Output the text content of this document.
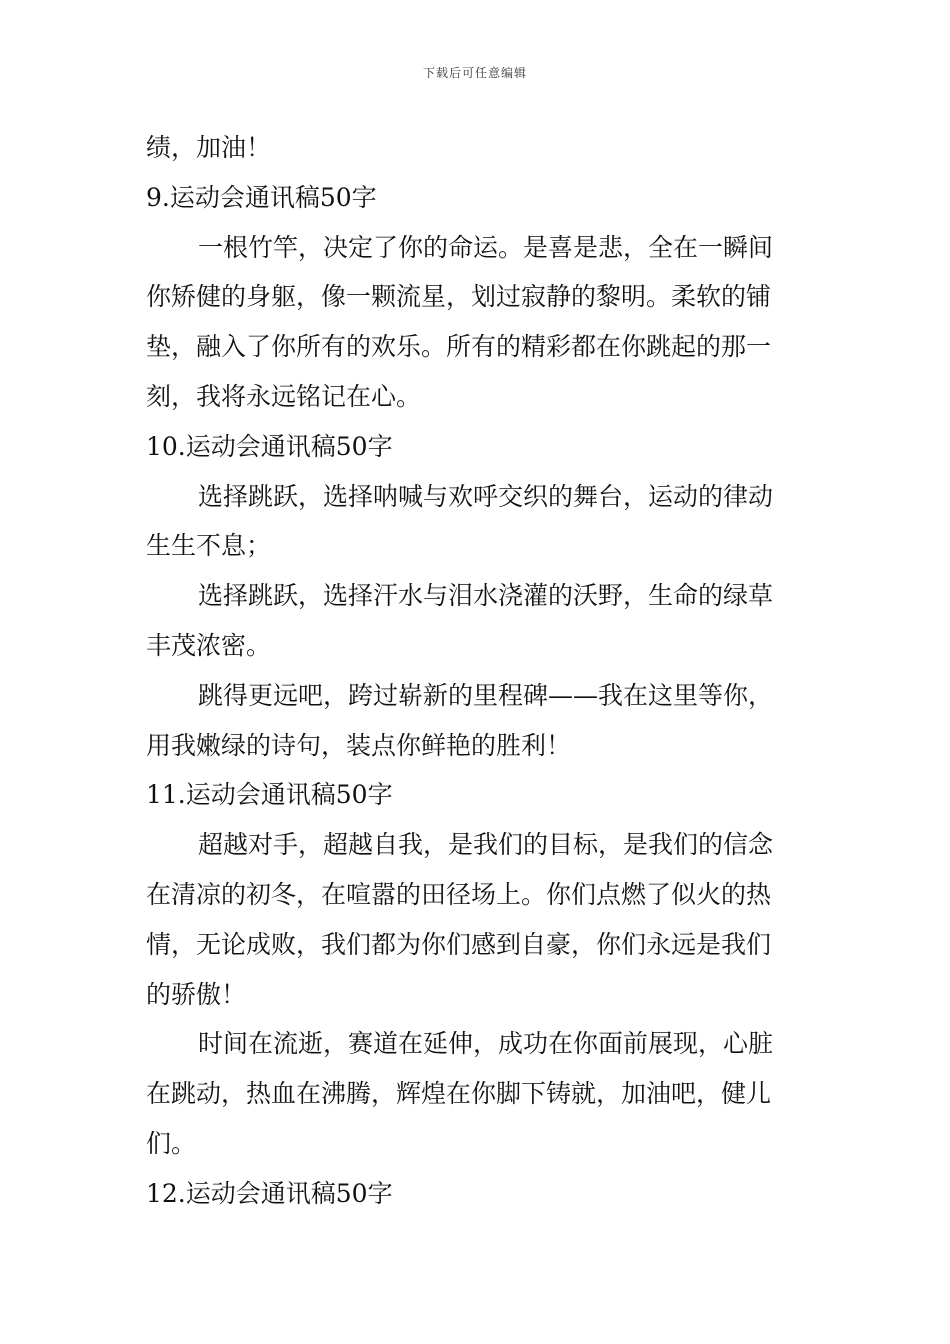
下载后可任意编辑
绩，加油！
9.运动会通讯稿50字
一根竹竿，决定了你的命运。是喜是悲，全在一瞬间
你矫健的身躯，像一颗流星，划过寂静的黎明。柔软的铺
垫，融入了你所有的欢乐。所有的精彩都在你跳起的那一
刻，我将永远铭记在心。
10.运动会通讯稿50字
选择跳跃，选择呐喊与欢呼交织的舞台，运动的律动
生生不息；
选择跳跃，选择汗水与泪水浇灌的沃野，生命的绿草
丰茂浓密。
跳得更远吧，跨过崭新的里程碑——我在这里等你，
用我嫩绿的诗句，装点你鲜艳的胜利！
11.运动会通讯稿50字
超越对手，超越自我，是我们的目标，是我们的信念
在清凉的初冬，在喧嚣的田径场上。你们点燃了似火的热
情，无论成败，我们都为你们感到自豪，你们永远是我们
的骄傲！
时间在流逝，赛道在延伸，成功在你面前展现，心脏
在跳动，热血在沸腾，辉煌在你脚下铸就，加油吧，健儿
们。
12.运动会通讯稿50字
